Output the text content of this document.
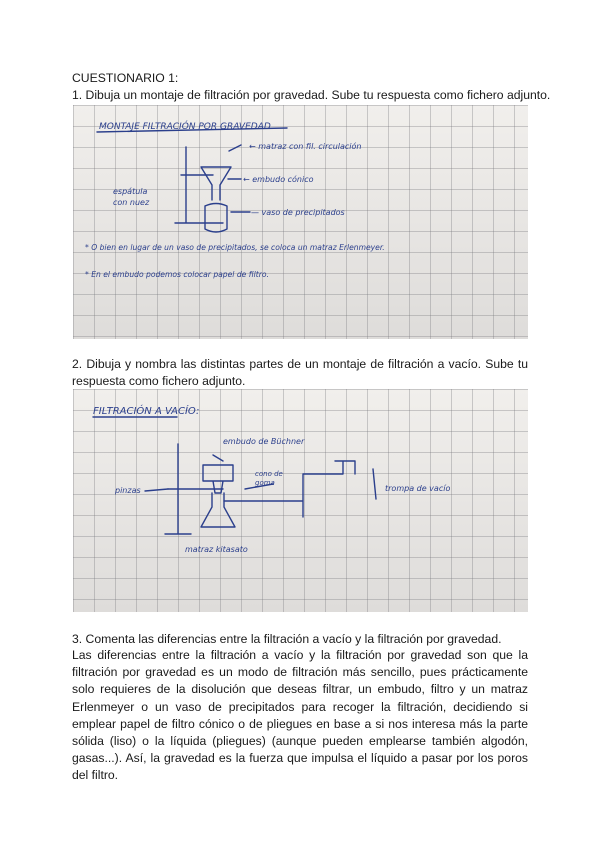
CUESTIONARIO 1:
1. Dibuja un montaje de filtración por gravedad. Sube tu respuesta como fichero adjunto.
MONTAJE FILTRACIÓN POR GRAVEDAD
← matraz con fil. circulación
← embudo cónico
espátula
con nuez
— vaso de precipitados
* O bien en lugar de un vaso de precipitados, se coloca un matraz Erlenmeyer.
* En el embudo podemos colocar papel de filtro.
2. Dibuja y nombra las distintas partes de un montaje de filtración a vacío. Sube tu respuesta como fichero adjunto.
FILTRACIÓN A VACÍO:
embudo de Büchner
cono de
goma
pinzas	trompa de vacío
matraz kitasato
3. Comenta las diferencias entre la filtración a vacío y la filtración por gravedad.
Las diferencias entre la filtración a vacío y la filtración por gravedad son que la filtración por gravedad es un modo de filtración más sencillo, pues prácticamente solo requieres de la disolución que deseas filtrar, un embudo, filtro y un matraz Erlenmeyer o un vaso de precipitados para recoger la filtración, decidiendo si emplear papel de filtro cónico o de pliegues en base a si nos interesa más la parte sólida (liso) o la líquida (pliegues) (aunque pueden emplearse también algodón, gasas...). Así, la gravedad es la fuerza que impulsa el líquido a pasar por los poros del filtro.
